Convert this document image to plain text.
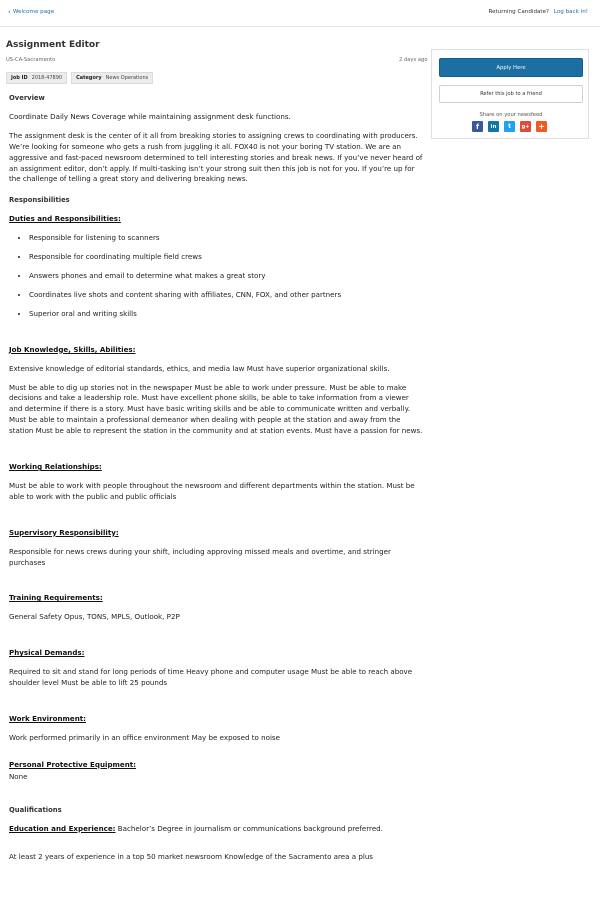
‹ Welcome page	Returning Candidate? Log back in!
Assignment Editor
US-CA-Sacramento	2 days ago
Job ID 2018-47890	Category News Operations
Apply Here
Refer this job to a friend
Share on your newsfeed
f	in	t	g+ +
Overview

Coordinate Daily News Coverage while maintaining assignment desk functions.

The assignment desk is the center of it all from breaking stories to assigning crews to coordinating with producers. We’re looking for someone who gets a rush from juggling it all. FOX40 is not your boring TV station. We are an aggressive and fast-paced newsroom determined to tell interesting stories and break news. If you’ve never heard of an assignment editor, don’t apply. If multi-tasking isn’t your strong suit then this job is not for you. If you’re up for the challenge of telling a great story and delivering breaking news.

Responsibilities

Duties and Responsibilities:

• Responsible for listening to scanners
• Responsible for coordinating multiple field crews
• Answers phones and email to determine what makes a great story
• Coordinates live shots and content sharing with affiliates, CNN, FOX, and other partners
• Superior oral and writing skills

Job Knowledge, Skills, Abilities:

Extensive knowledge of editorial standards, ethics, and media law Must have superior organizational skills.

Must be able to dig up stories not in the newspaper Must be able to work under pressure. Must be able to make decisions and take a leadership role. Must have excellent phone skills, be able to take information from a viewer and determine if there is a story. Must have basic writing skills and be able to communicate written and verbally. Must be able to maintain a professional demeanor when dealing with people at the station and away from the station Must be able to represent the station in the community and at station events. Must have a passion for news.

Working Relationships:

Must be able to work with people throughout the newsroom and different departments within the station. Must be able to work with the public and public officials

Supervisory Responsibility:

Responsible for news crews during your shift, including approving missed meals and overtime, and stringer purchases

Training Requirements:

General Safety Opus, TONS, MPLS, Outlook, P2P

Physical Demands:

Required to sit and stand for long periods of time Heavy phone and computer usage Must be able to reach above shoulder level Must be able to lift 25 pounds

Work Environment:

Work performed primarily in an office environment May be exposed to noise

Personal Protective Equipment:

None

Qualifications

Education and Experience: Bachelor’s Degree in journalism or communications background preferred.

At least 2 years of experience in a top 50 market newsroom Knowledge of the Sacramento area a plus
